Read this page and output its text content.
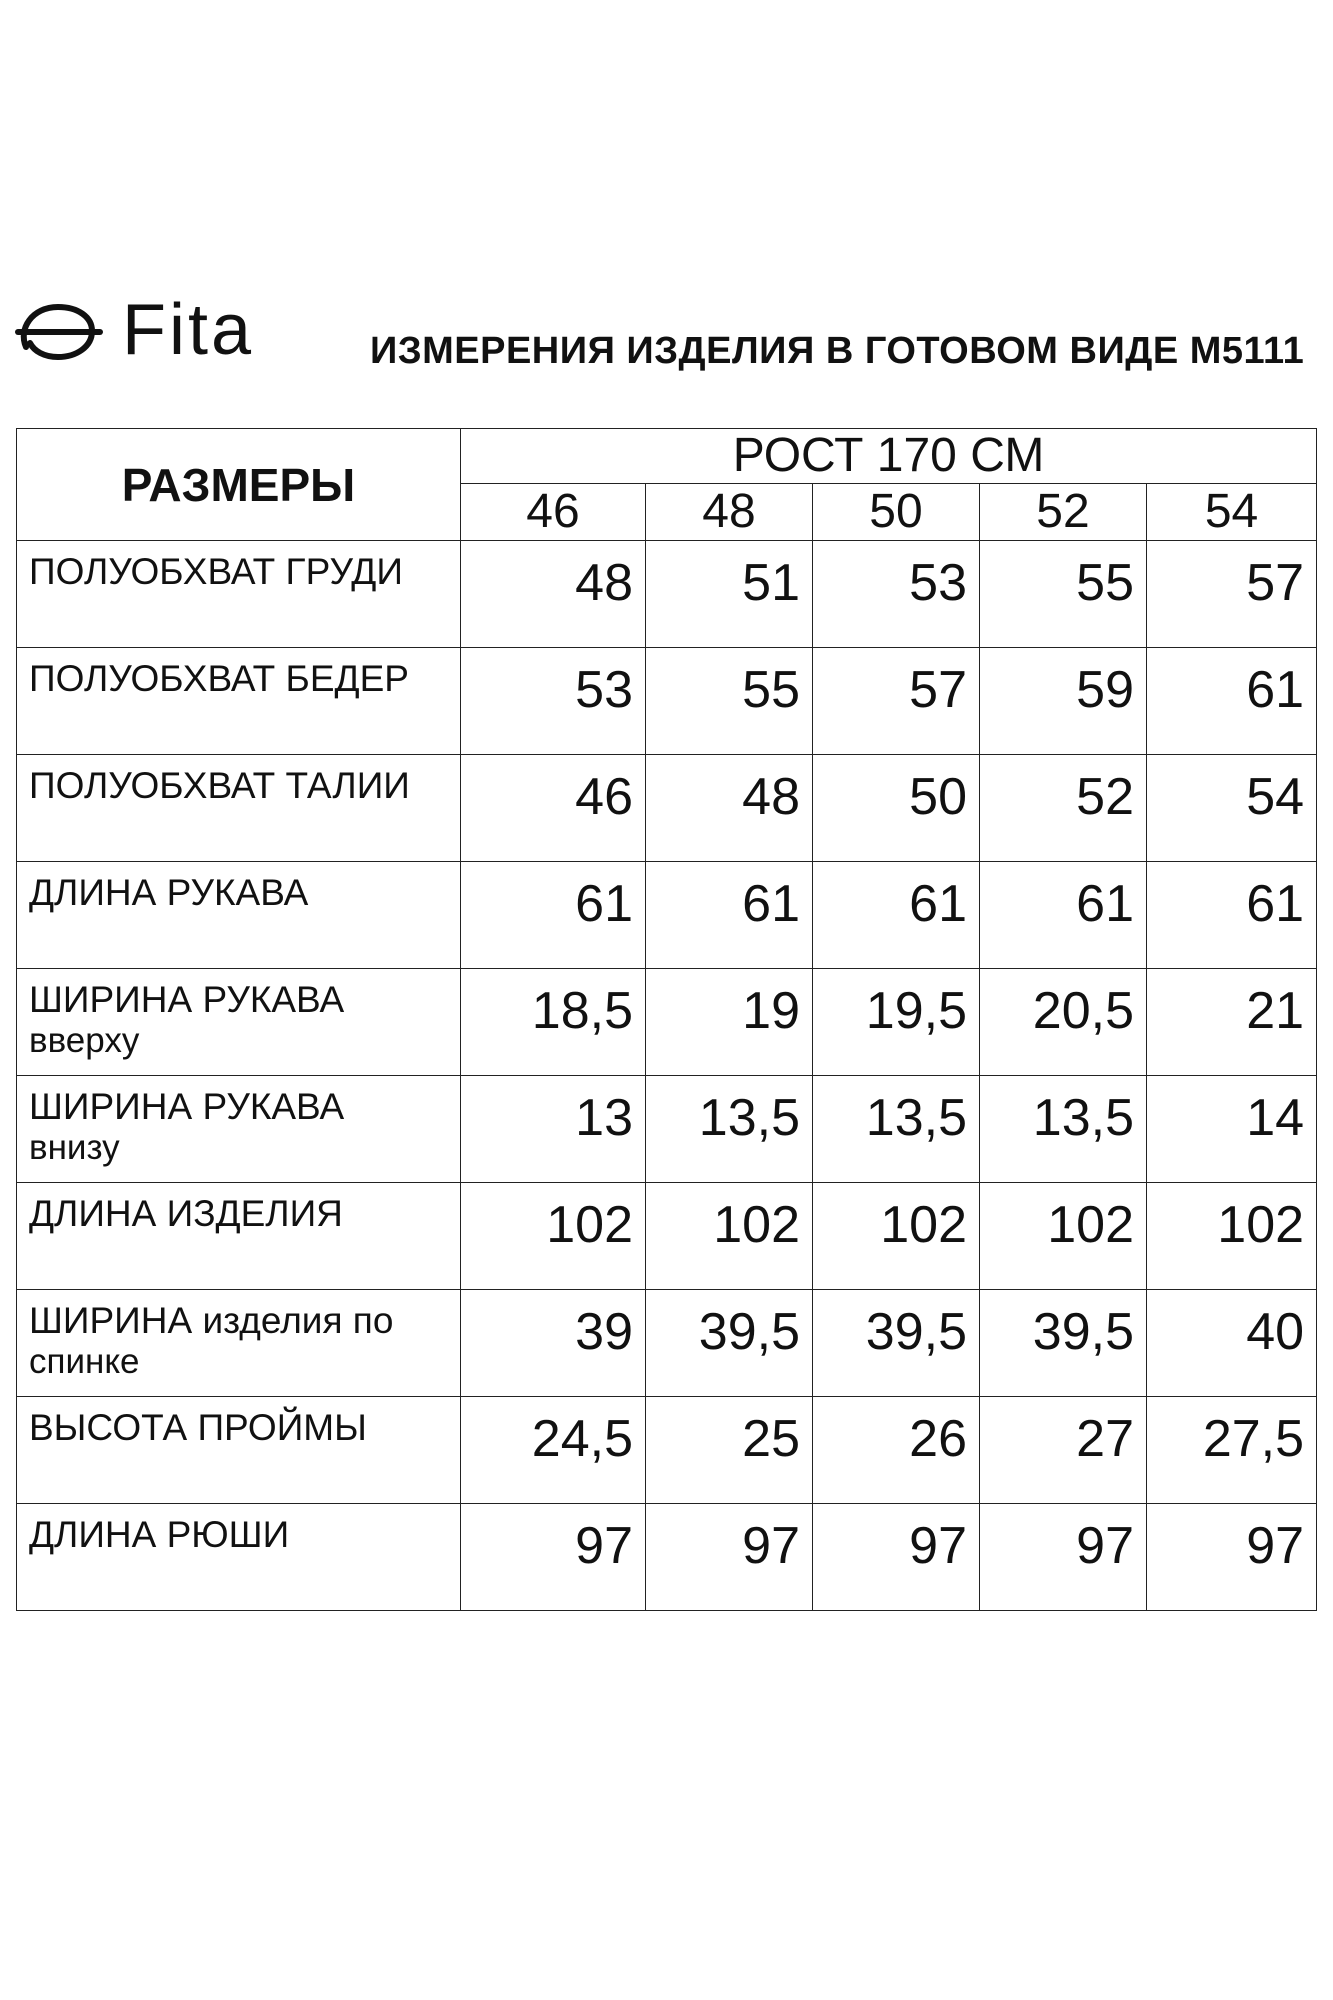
Fita	ИЗМЕРЕНИЯ ИЗДЕЛИЯ В ГОТОВОМ ВИДЕ М5111
РАЗМЕРЫ	РОСТ 170 СМ				
	46	48	50	52	54

ПОЛУОБХВАТ ГРУДИ	48	51	53	55	57

ПОЛУОБХВАТ БЕДЕР	53	55	57	59	61

ПОЛУОБХВАТ ТАЛИИ	46	48	50	52	54

ДЛИНА РУКАВА	61	61	61	61	61

ШИРИНА РУКАВА
вверху	18,5	19	19,5	20,5	21

ШИРИНА РУКАВА
внизу	13	13,5	13,5	13,5	14

ДЛИНА ИЗДЕЛИЯ	102	102	102	102	102

ШИРИНА изделия по
спинке	39	39,5	39,5	39,5	40

ВЫСОТА ПРОЙМЫ	24,5	25	26	27	27,5

ДЛИНА РЮШИ	97	97	97	97	97
